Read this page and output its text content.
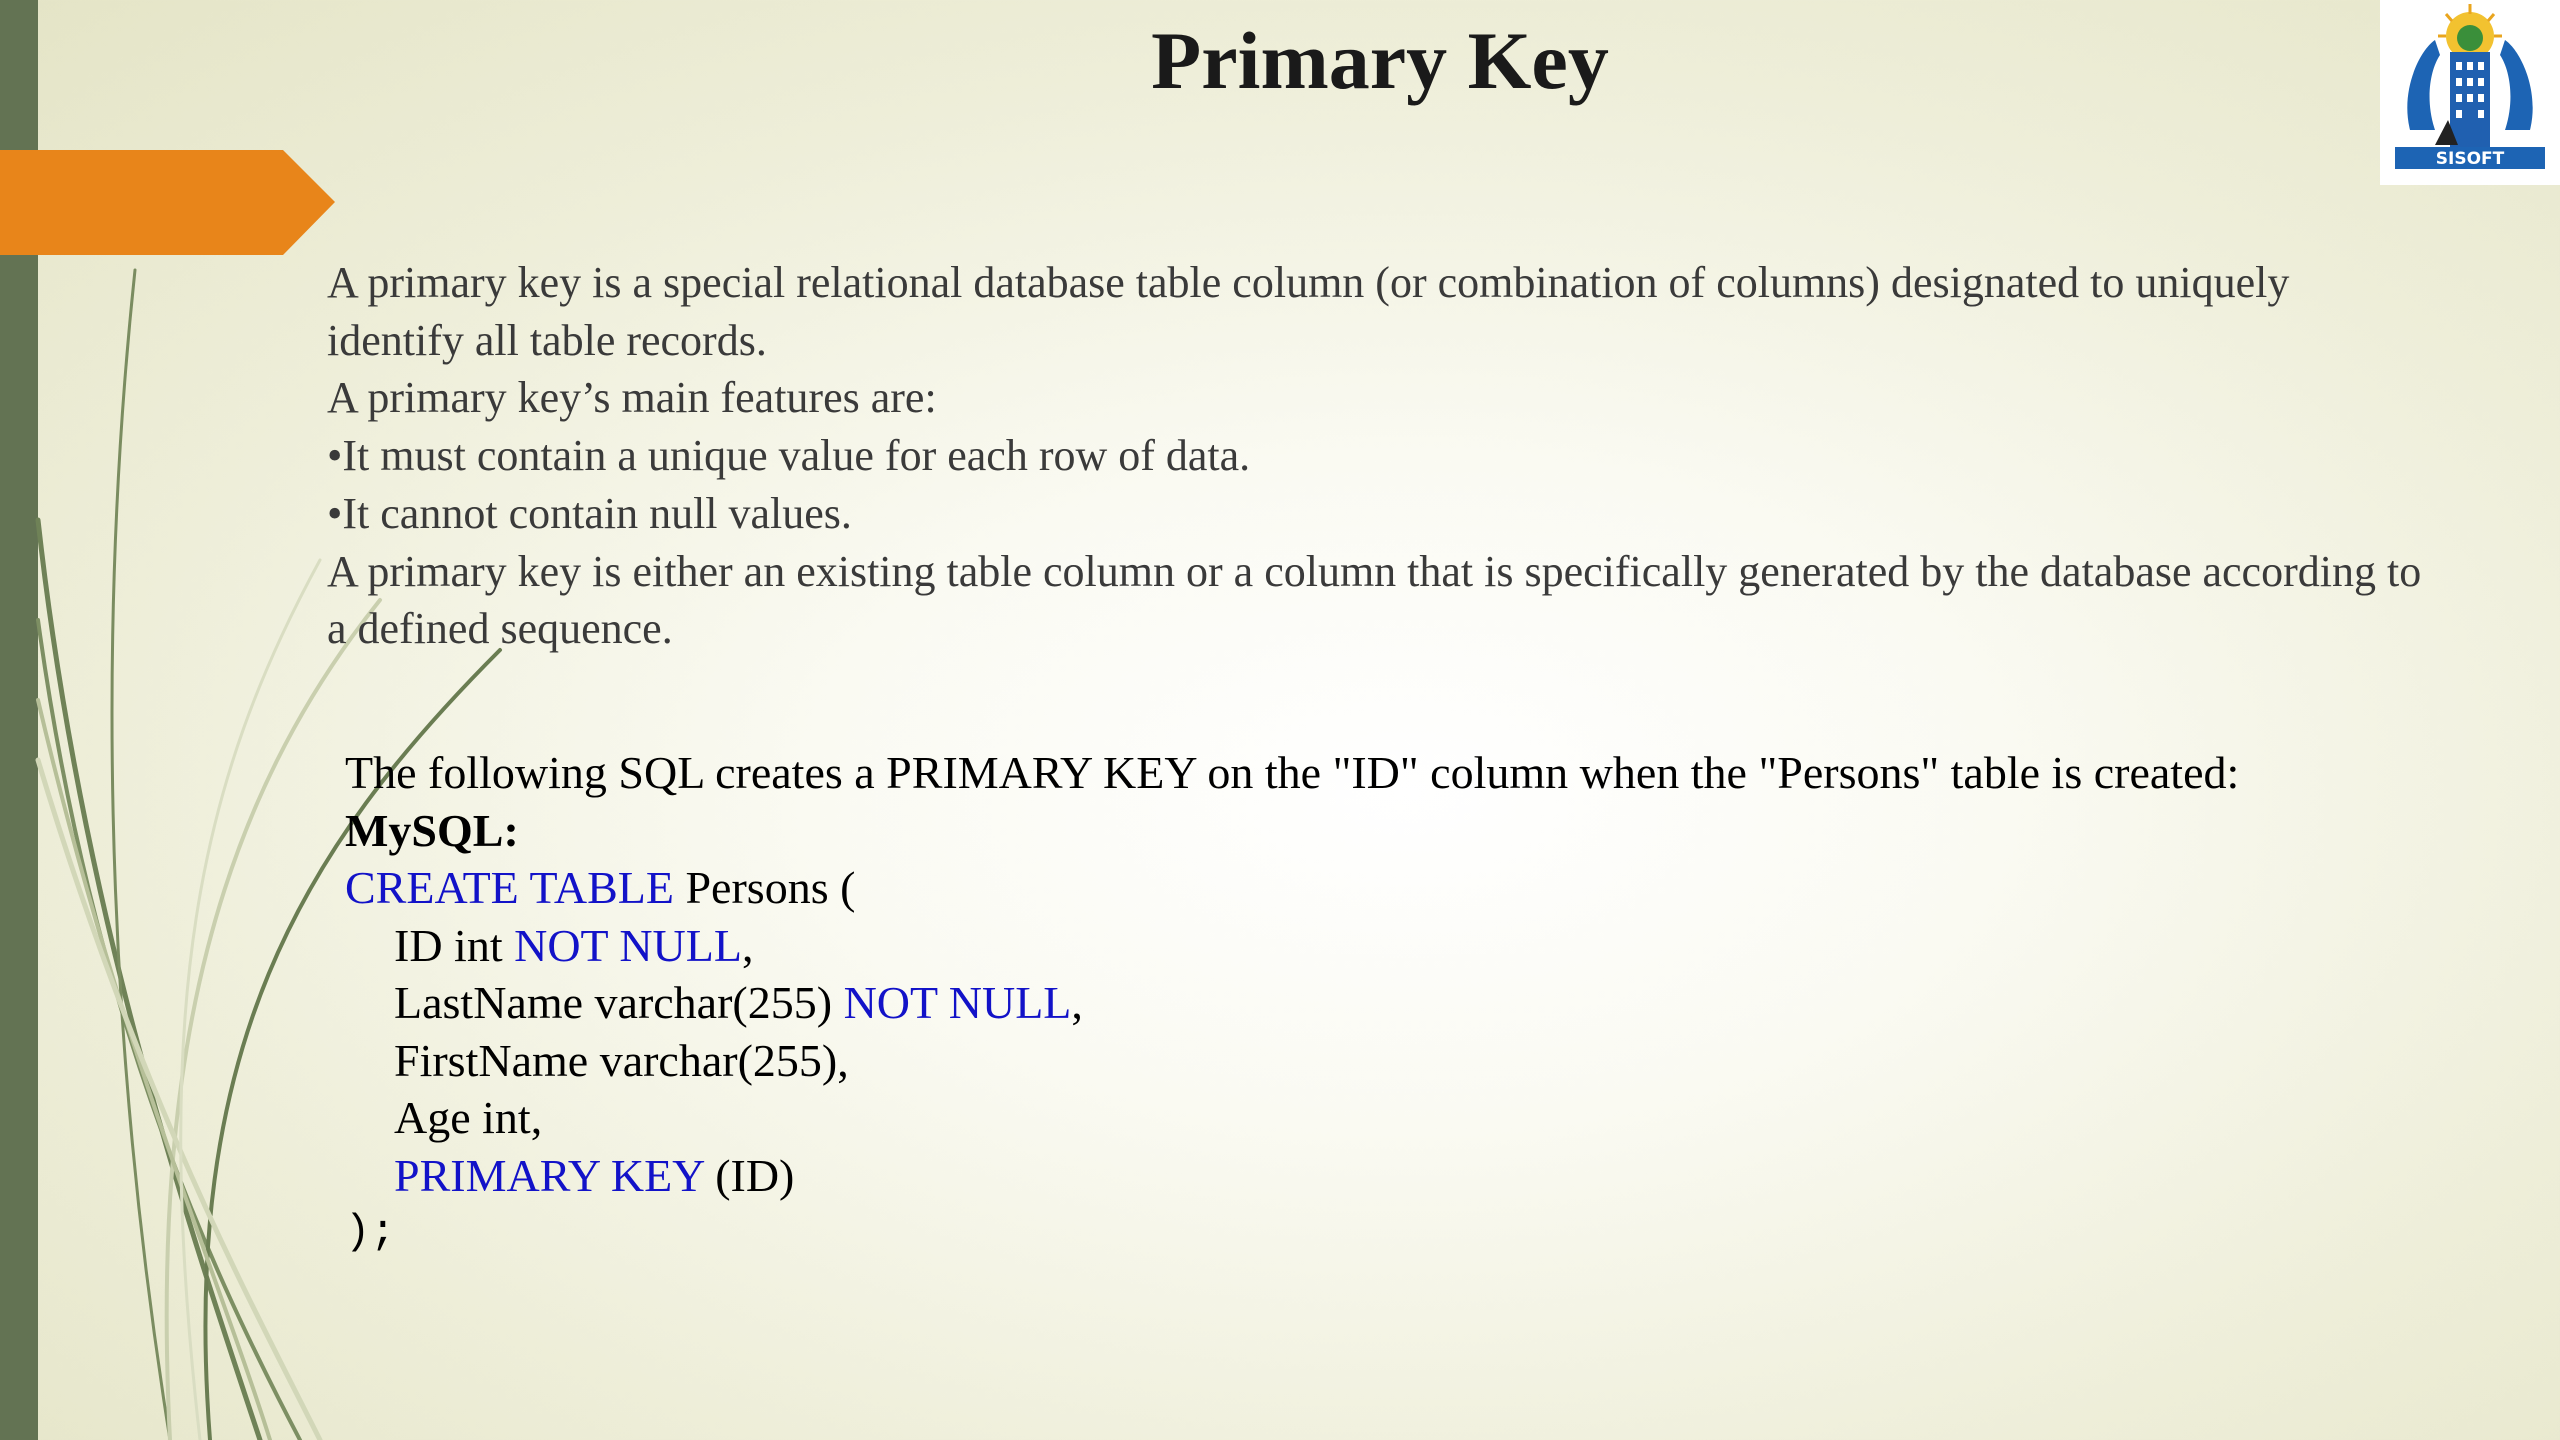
Primary Key
SISOFT

A primary key is a special relational database table column (or combination of columns) designated to uniquely identify all table records.

A primary key’s main features are:

•It must contain a unique value for each row of data.

•It cannot contain null values.

A primary key is either an existing table column or a column that is specifically generated by the database according to a defined sequence.

The following SQL creates a PRIMARY KEY on the "ID" column when the "Persons" table is created:

MySQL:

CREATE TABLE Persons (

ID int NOT NULL,

LastName varchar(255) NOT NULL,

FirstName varchar(255),

Age int,

PRIMARY KEY (ID)

);
